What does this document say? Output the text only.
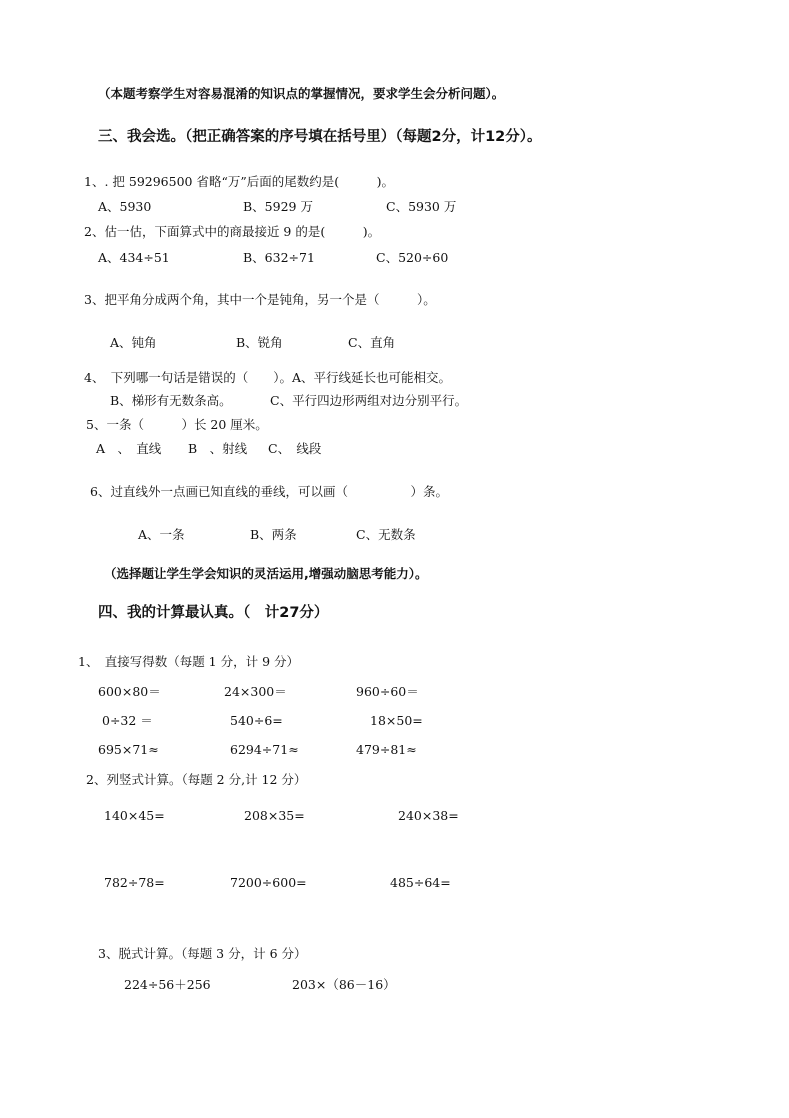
（本题考察学生对容易混淆的知识点的掌握情况，要求学生会分析问题）。
三、我会选。（把正确答案的序号填在括号里）（每题2分，计12分）。
1、. 把 59296500 省略“万”后面的尾数约是(　　　)。
A、5930	B、5929 万	C、5930 万
2、估一估，下面算式中的商最接近 9 的是(　　　)。
A、434÷51	B、632÷71	C、520÷60
3、把平角分成两个角，其中一个是钝角，另一个是（　　　）。
A、钝角	B、锐角	C、直角
4、　下列哪一句话是错误的（　　）。A、平行线延长也可能相交。
B、梯形有无数条高。	C、平行四边形两组对边分别平行。
5、一条（　　　）长 20 厘米。
A　、　直线 B　、射线 C、　线段
6、过直线外一点画已知直线的垂线，可以画（　　　　　）条。
A、一条	B、两条	C、无数条
（选择题让学生学会知识的灵活运用,增强动脑思考能力）。
四、我的计算最认真。（　计27分）
1、　直接写得数（每题 1 分，计 9 分）
600×80＝	24×300＝	960÷60＝
0÷32 ＝	540÷6=	18×50=
695×71≈	6294÷71≈	479÷81≈
2、列竖式计算。（每题 2 分,计 12 分）
140×45=	208×35=	240×38=
782÷78=	7200÷600=	485÷64=
3、脱式计算。（每题 3 分，计 6 分）
224÷56＋256	203×（86－16）
